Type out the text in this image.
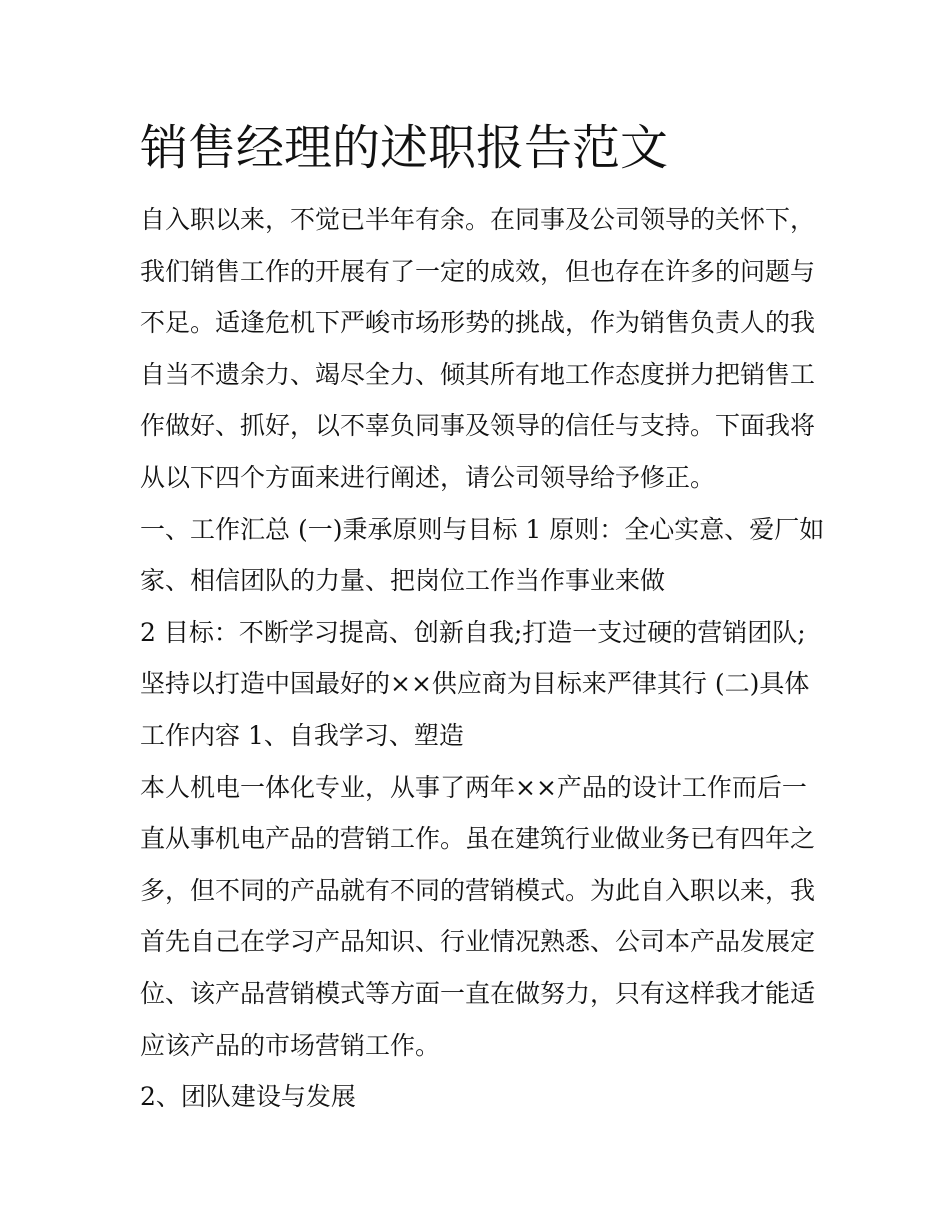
销售经理的述职报告范文
自入职以来，不觉已半年有余。在同事及公司领导的关怀下，
我们销售工作的开展有了一定的成效，但也存在许多的问题与
不足。适逢危机下严峻市场形势的挑战，作为销售负责人的我
自当不遗余力、竭尽全力、倾其所有地工作态度拼力把销售工
作做好、抓好，以不辜负同事及领导的信任与支持。下面我将
从以下四个方面来进行阐述，请公司领导给予修正。
一、工作汇总 (一)秉承原则与目标 1 原则：全心实意、爱厂如
家、相信团队的力量、把岗位工作当作事业来做
2 目标：不断学习提高、创新自我;打造一支过硬的营销团队;
坚持以打造中国最好的××供应商为目标来严律其行 (二)具体
工作内容 1、自我学习、塑造
本人机电一体化专业，从事了两年××产品的设计工作而后一
直从事机电产品的营销工作。虽在建筑行业做业务已有四年之
多，但不同的产品就有不同的营销模式。为此自入职以来，我
首先自己在学习产品知识、行业情况熟悉、公司本产品发展定
位、该产品营销模式等方面一直在做努力，只有这样我才能适
应该产品的市场营销工作。
2、团队建设与发展
